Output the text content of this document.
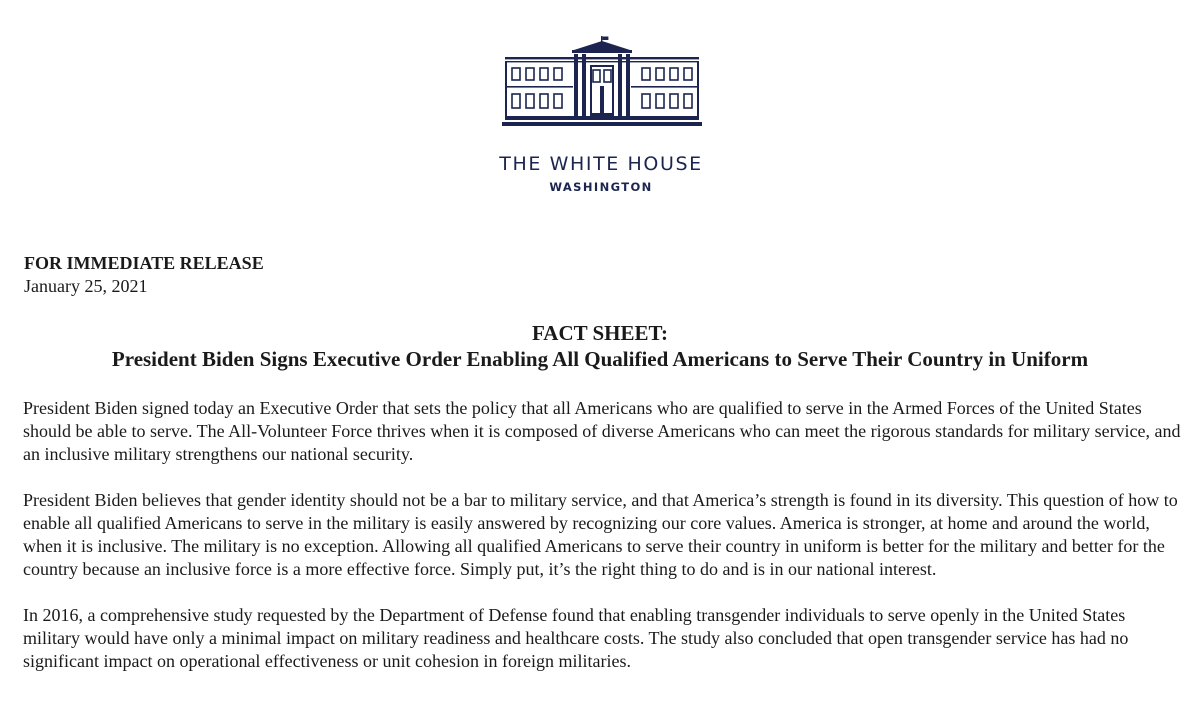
THE WHITE HOUSE
WASHINGTON
FOR IMMEDIATE RELEASE
January 25, 2021
FACT SHEET:
President Biden Signs Executive Order Enabling All Qualified Americans to Serve Their Country in Uniform

President Biden signed today an Executive Order that sets the policy that all Americans who are qualified to serve in the Armed Forces of the United States should be able to serve. The All-Volunteer Force thrives when it is composed of diverse Americans who can meet the rigorous standards for military service, and an inclusive military strengthens our national security.

President Biden believes that gender identity should not be a bar to military service, and that America’s strength is found in its diversity. This question of how to enable all qualified Americans to serve in the military is easily answered by recognizing our core values. America is stronger, at home and around the world, when it is inclusive. The military is no exception. Allowing all qualified Americans to serve their country in uniform is better for the military and better for the country because an inclusive force is a more effective force. Simply put, it’s the right thing to do and is in our national interest.

In 2016, a comprehensive study requested by the Department of Defense found that enabling transgender individuals to serve openly in the United States military would have only a minimal impact on military readiness and healthcare costs. The study also concluded that open transgender service has had no significant impact on operational effectiveness or unit cohesion in foreign militaries.
